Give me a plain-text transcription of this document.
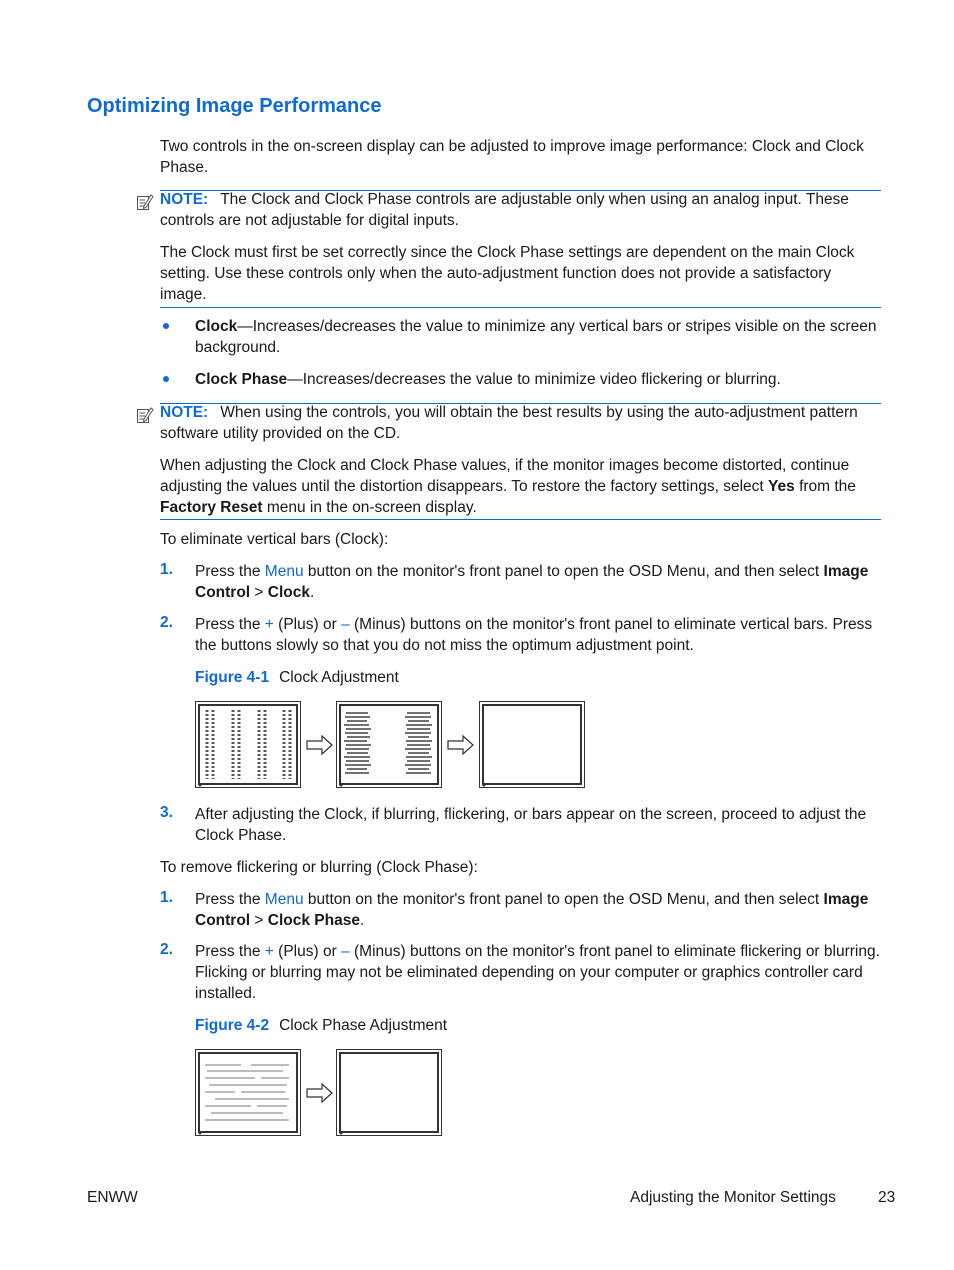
Optimizing Image Performance

Two controls in the on-screen display can be adjusted to improve image performance: Clock and Clock Phase.

NOTE: The Clock and Clock Phase controls are adjustable only when using an analog input. These controls are not adjustable for digital inputs.

The Clock must first be set correctly since the Clock Phase settings are dependent on the main Clock setting. Use these controls only when the auto-adjustment function does not provide a satisfactory image.

Clock—Increases/decreases the value to minimize any vertical bars or stripes visible on the screen background.

Clock Phase—Increases/decreases the value to minimize video flickering or blurring.

NOTE: When using the controls, you will obtain the best results by using the auto-adjustment pattern software utility provided on the CD.

When adjusting the Clock and Clock Phase values, if the monitor images become distorted, continue adjusting the values until the distortion disappears. To restore the factory settings, select Yes from the Factory Reset menu in the on-screen display.

To eliminate vertical bars (Clock):

1. Press the Menu button on the monitor's front panel to open the OSD Menu, and then select Image Control > Clock.

2. Press the + (Plus) or – (Minus) buttons on the monitor's front panel to eliminate vertical bars. Press the buttons slowly so that you do not miss the optimum adjustment point.

Figure 4-1 Clock Adjustment
3. After adjusting the Clock, if blurring, flickering, or bars appear on the screen, proceed to adjust the Clock Phase.

To remove flickering or blurring (Clock Phase):

1. Press the Menu button on the monitor's front panel to open the OSD Menu, and then select Image Control > Clock Phase.

2. Press the + (Plus) or – (Minus) buttons on the monitor's front panel to eliminate flickering or blurring. Flicking or blurring may not be eliminated depending on your computer or graphics controller card installed.

Figure 4-2 Clock Phase Adjustment
ENWW	Adjusting the Monitor Settings	23
